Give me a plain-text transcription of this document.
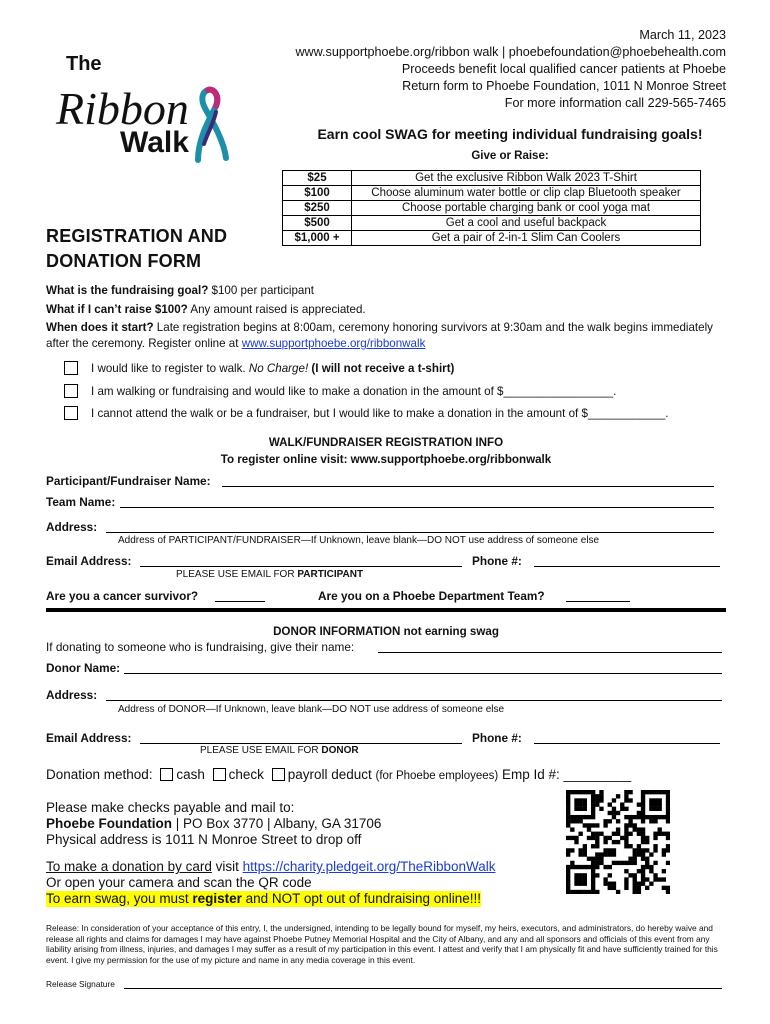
March 11, 2023
www.supportphoebe.org/ribbon walk | phoebefoundation@phoebehealth.com
Proceeds benefit local qualified cancer patients at Phoebe
Return form to Phoebe Foundation, 1011 N Monroe Street
For more information call 229-565-7465
The
Ribbon
Walk
REGISTRATION AND
DONATION FORM
Earn cool SWAG for meeting individual fundraising goals!
Give or Raise:
$25	Get the exclusive Ribbon Walk 2023 T-Shirt
$100	Choose aluminum water bottle or clip clap Bluetooth speaker
$250	Choose portable charging bank or cool yoga mat
$500	Get a cool and useful backpack
$1,000 +	Get a pair of 2-in-1 Slim Can Coolers
What is the fundraising goal? $100 per participant
What if I can’t raise $100? Any amount raised is appreciated.
When does it start? Late registration begins at 8:00am, ceremony honoring survivors at 9:30am and the walk begins immediately after the ceremony. Register online at www.supportphoebe.org/ribbonwalk
I would like to register to walk. No Charge! (I will not receive a t-shirt)
I am walking or fundraising and would like to make a donation in the amount of $_________________.
I cannot attend the walk or be a fundraiser, but I would like to make a donation in the amount of $____________.
WALK/FUNDRAISER REGISTRATION INFO
To register online visit: www.supportphoebe.org/ribbonwalk
Participant/Fundraiser Name:
Team Name:
Address:
Address of PARTICIPANT/FUNDRAISER—If Unknown, leave blank—DO NOT use address of someone else
Email Address:	Phone #:
PLEASE USE EMAIL FOR PARTICIPANT
Are you a cancer survivor?	Are you on a Phoebe Department Team?
DONOR INFORMATION not earning swag
If donating to someone who is fundraising, give their name:
Donor Name:
Address:
Address of DONOR—If Unknown, leave blank—DO NOT use address of someone else
Email Address:	Phone #:
PLEASE USE EMAIL FOR DONOR
Donation method: cash check payroll deduct (for Phoebe employees) Emp Id #: _________
Please make checks payable and mail to:
Phoebe Foundation | PO Box 3770 | Albany, GA 31706
Physical address is 1011 N Monroe Street to drop off
To make a donation by card visit https://charity.pledgeit.org/TheRibbonWalk
Or open your camera and scan the QR code
To earn swag, you must register and NOT opt out of fundraising online!!!
Release: In consideration of your acceptance of this entry, I, the undersigned, intending to be legally bound for myself, my heirs, executors, and administrators, do hereby waive and release all rights and claims for damages I may have against Phoebe Putney Memorial Hospital and the City of Albany, and any and all sponsors and officials of this event from any liability arising from illness, injuries, and damages I may suffer as a result of my participation in this event. I attest and verify that I am physically fit and have sufficiently trained for this event. I give my permission for the use of my picture and name in any media coverage in this event.
Release Signature
